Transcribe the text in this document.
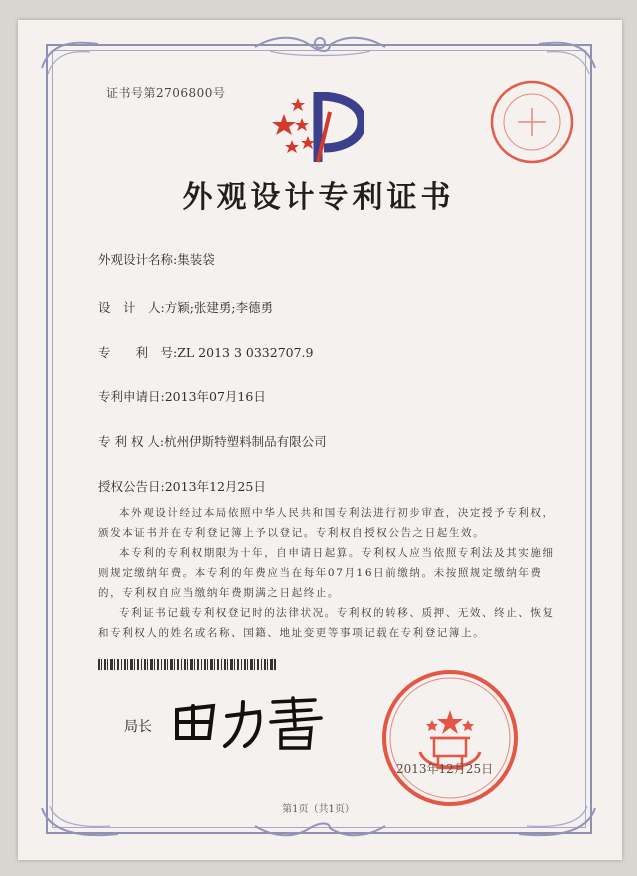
证书号第2706800号
外观设计专利证书
外观设计名称:集装袋
设　计　人:方颖;张建勇;李德勇
专　　利　号:ZL 2013 3 0332707.9
专利申请日:2013年07月16日
专 利 权 人:杭州伊斯特塑料制品有限公司
授权公告日:2013年12月25日

本外观设计经过本局依照中华人民共和国专利法进行初步审查，决定授予专利权，颁发本证书并在专利登记簿上予以登记。专利权自授权公告之日起生效。

本专利的专利权期限为十年，自申请日起算。专利权人应当依照专利法及其实施细则规定缴纳年费。本专利的年费应当在每年07月16日前缴纳。未按照规定缴纳年费的，专利权自应当缴纳年费期满之日起终止。

专利证书记载专利权登记时的法律状况。专利权的转移、质押、无效、终止、恢复和专利权人的姓名或名称、国籍、地址变更等事项记载在专利登记簿上。

局长
2013年12月25日
第1页（共1页）
